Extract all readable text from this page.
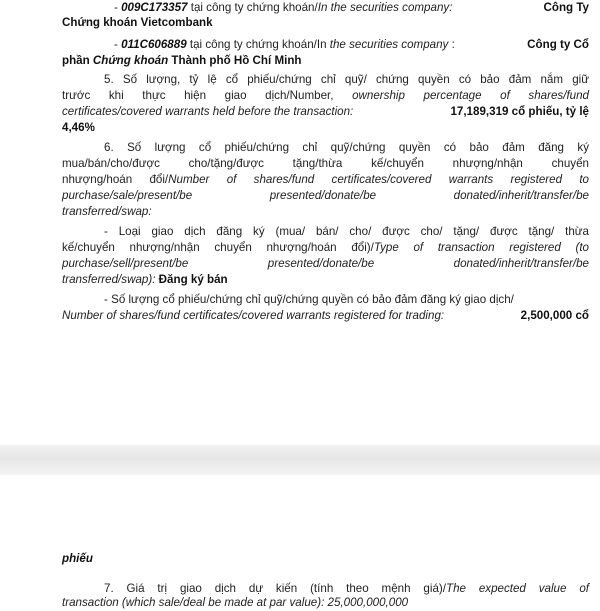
- 009C173357 tại công ty chứng khoán/In the securities company:	Công Ty

Chứng khoán Vietcombank

- 011C606889 tại công ty chứng khoán/In the securities company :	Công ty Cổ

phần Chứng khoán Thành phố Hồ Chí Minh

5. Số lượng, tỷ lệ cổ phiếu/chứng chỉ quỹ/ chứng quyền có bảo đảm nắm giữ

trước khi thực hiện giao dịch/Number, ownership percentage of shares/fund

certificates/covered warrants held before the transaction:	17,189,319 cổ phiếu, tỷ lệ

4,46%

6. Số lượng cổ phiếu/chứng chỉ quỹ/chứng quyền có bảo đảm đăng ký

mua/bán/cho/được cho/tặng/được tặng/thừa kế/chuyển nhượng/nhận chuyển

nhượng/hoán đổi/Number of shares/fund certificates/covered warrants registered to

purchase/sale/present/be presented/donate/be donated/inherit/transfer/be

transferred/swap:

- Loại giao dịch đăng ký (mua/ bán/ cho/ được cho/ tặng/ được tặng/ thừa

kế/chuyển nhượng/nhận chuyển nhượng/hoán đổi)/Type of transaction registered (to

purchase/sell/present/be presented/donate/be donated/inherit/transfer/be

transferred/swap): Đăng ký bán

- Số lượng cổ phiếu/chứng chỉ quỹ/chứng quyền có bảo đảm đăng ký giao dịch/

Number of shares/fund certificates/covered warrants registered for trading:	2,500,000 cổ

phiếu

7. Giá trị giao dịch dự kiến (tính theo mệnh giá)/The expected value of

transaction (which sale/deal be made at par value): 25,000,000,000
